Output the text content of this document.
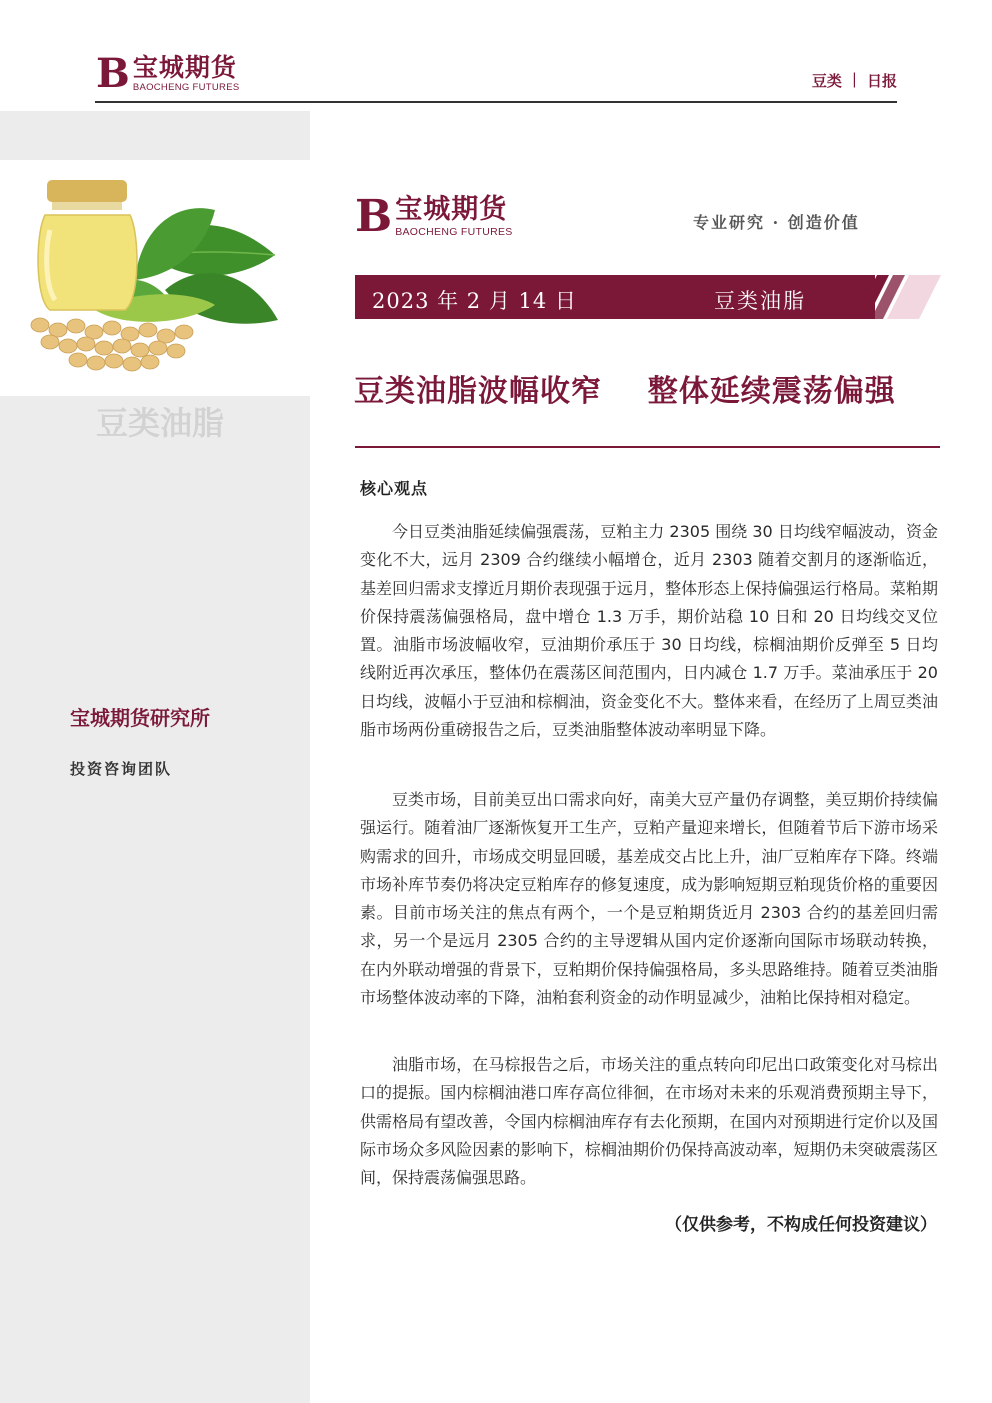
B 宝城期货
BAOCHENG FUTURES	豆类 | 日报
豆类油脂
宝城期货研究所
投资咨询团队
B 宝城期货
BAOCHENG FUTURES
专业研究 · 创造价值
2023 年 2 月 14 日	豆类油脂
豆类油脂波幅收窄    整体延续震荡偏强
核心观点

今日豆类油脂延续偏强震荡，豆粕主力 2305 围绕 30 日均线窄幅波动，资金变化不大，远月 2309 合约继续小幅增仓，近月 2303 随着交割月的逐渐临近，基差回归需求支撑近月期价表现强于远月，整体形态上保持偏强运行格局。菜粕期价保持震荡偏强格局，盘中增仓 1.3 万手，期价站稳 10 日和 20 日均线交叉位置。油脂市场波幅收窄，豆油期价承压于 30 日均线，棕榈油期价反弹至 5 日均线附近再次承压，整体仍在震荡区间范围内，日内减仓 1.7 万手。菜油承压于 20 日均线，波幅小于豆油和棕榈油，资金变化不大。整体来看，在经历了上周豆类油脂市场两份重磅报告之后，豆类油脂整体波动率明显下降。

豆类市场，目前美豆出口需求向好，南美大豆产量仍存调整，美豆期价持续偏强运行。随着油厂逐渐恢复开工生产，豆粕产量迎来增长，但随着节后下游市场采购需求的回升，市场成交明显回暖，基差成交占比上升，油厂豆粕库存下降。终端市场补库节奏仍将决定豆粕库存的修复速度，成为影响短期豆粕现货价格的重要因素。目前市场关注的焦点有两个，一个是豆粕期货近月 2303 合约的基差回归需求，另一个是远月 2305 合约的主导逻辑从国内定价逐渐向国际市场联动转换，在内外联动增强的背景下，豆粕期价保持偏强格局，多头思路维持。随着豆类油脂市场整体波动率的下降，油粕套利资金的动作明显减少，油粕比保持相对稳定。

油脂市场，在马棕报告之后，市场关注的重点转向印尼出口政策变化对马棕出口的提振。国内棕榈油港口库存高位徘徊，在市场对未来的乐观消费预期主导下，供需格局有望改善，令国内棕榈油库存有去化预期，在国内对预期进行定价以及国际市场众多风险因素的影响下，棕榈油期价仍保持高波动率，短期仍未突破震荡区间，保持震荡偏强思路。

（仅供参考，不构成任何投资建议）
